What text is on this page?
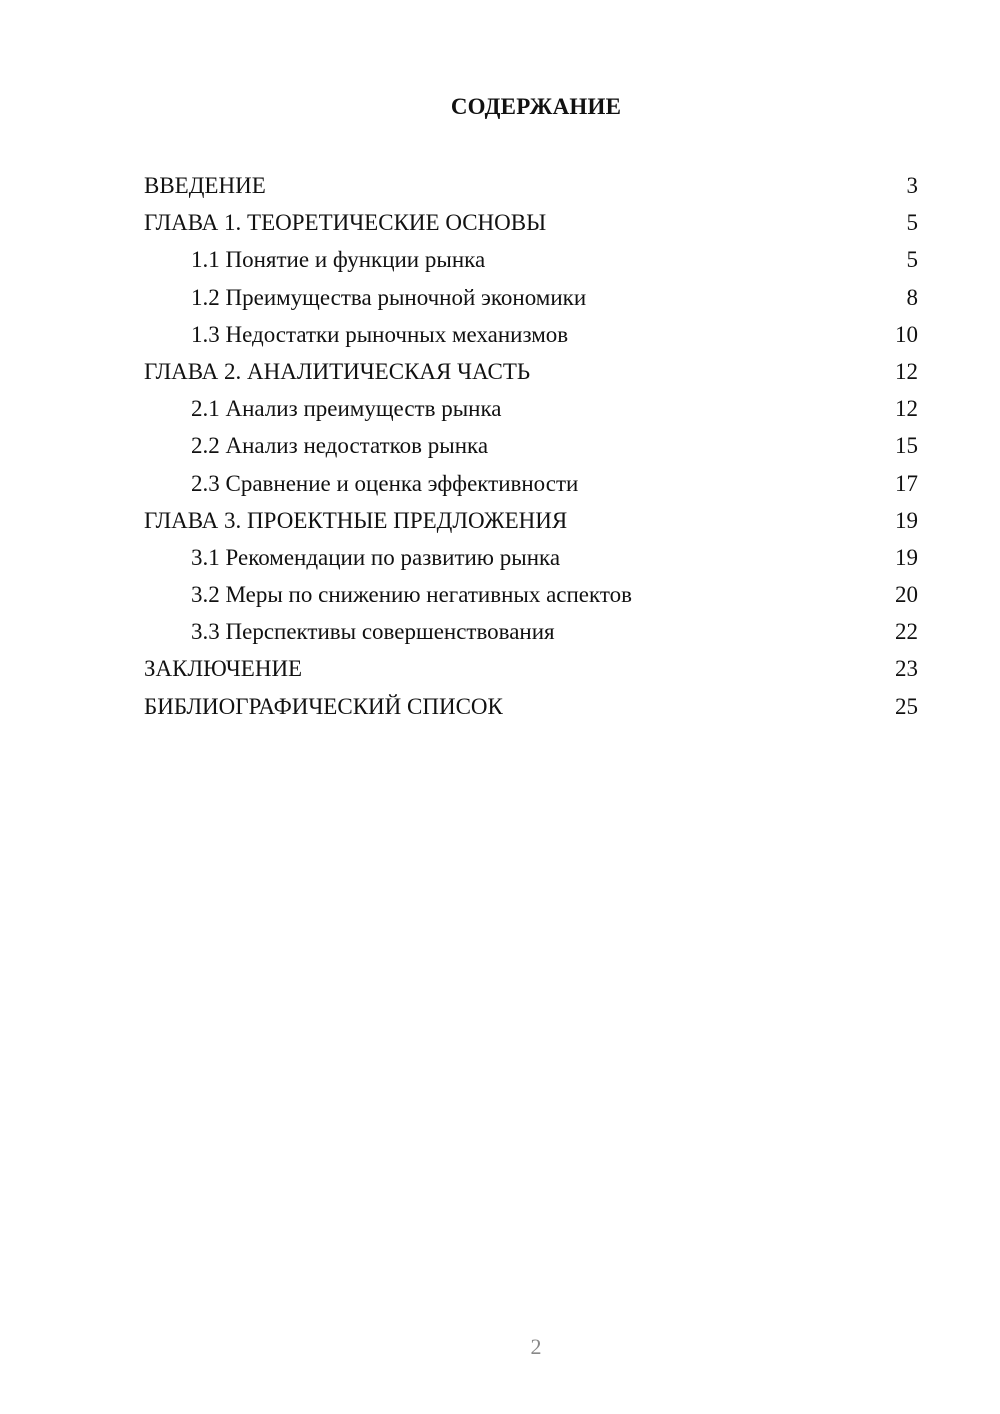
СОДЕРЖАНИЕ
ВВЕДЕНИЕ	3
ГЛАВА 1. ТЕОРЕТИЧЕСКИЕ ОСНОВЫ	5
1.1 Понятие и функции рынка	5
1.2 Преимущества рыночной экономики	8
1.3 Недостатки рыночных механизмов	10
ГЛАВА 2. АНАЛИТИЧЕСКАЯ ЧАСТЬ	12
2.1 Анализ преимуществ рынка	12
2.2 Анализ недостатков рынка	15
2.3 Сравнение и оценка эффективности	17
ГЛАВА 3. ПРОЕКТНЫЕ ПРЕДЛОЖЕНИЯ	19
3.1 Рекомендации по развитию рынка	19
3.2 Меры по снижению негативных аспектов	20
3.3 Перспективы совершенствования	22
ЗАКЛЮЧЕНИЕ	23
БИБЛИОГРАФИЧЕСКИЙ СПИСОК	25
2
